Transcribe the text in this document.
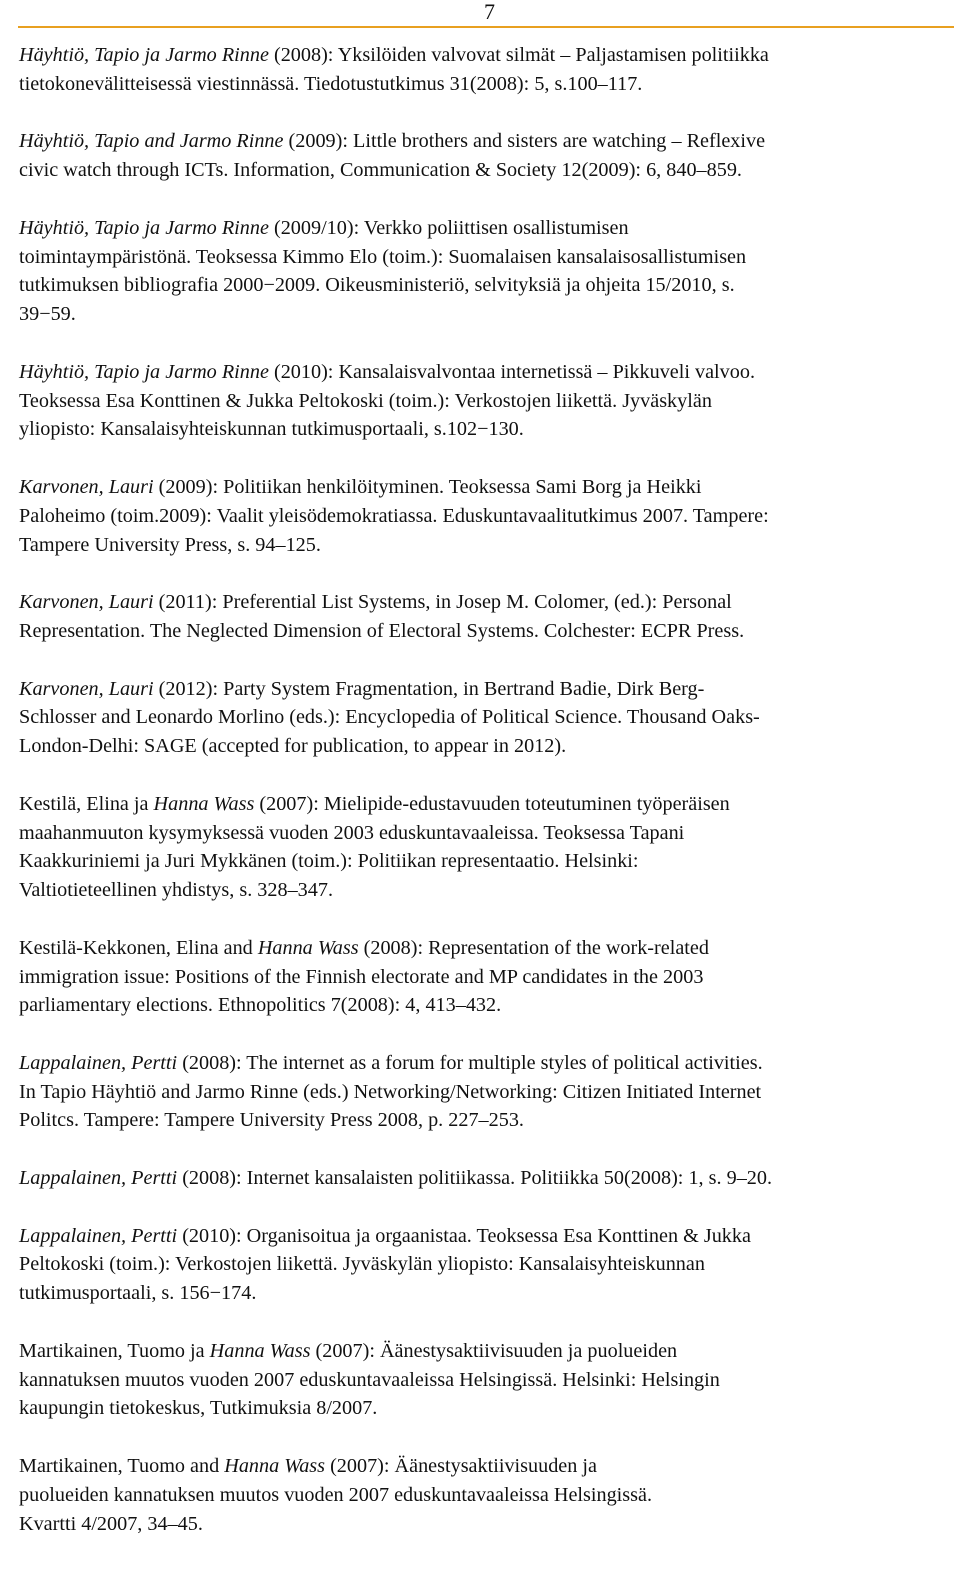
7

Häyhtiö, Tapio ja Jarmo Rinne (2008): Yksilöiden valvovat silmät – Paljastamisen politiikka
tietokonevälitteisessä viestinnässä. Tiedotustutkimus 31(2008): 5, s.100–117.

Häyhtiö, Tapio and Jarmo Rinne (2009): Little brothers and sisters are watching – Reflexive
civic watch through ICTs. Information, Communication & Society 12(2009): 6, 840–859.

Häyhtiö, Tapio ja Jarmo Rinne (2009/10): Verkko poliittisen osallistumisen
toimintaympäristönä. Teoksessa Kimmo Elo (toim.): Suomalaisen kansalaisosallistumisen
tutkimuksen bibliografia 2000−2009. Oikeusministeriö, selvityksiä ja ohjeita 15/2010, s.
39−59.

Häyhtiö, Tapio ja Jarmo Rinne (2010): Kansalaisvalvontaa internetissä – Pikkuveli valvoo.
Teoksessa Esa Konttinen & Jukka Peltokoski (toim.): Verkostojen liikettä. Jyväskylän
yliopisto: Kansalaisyhteiskunnan tutkimusportaali, s.102−130.

Karvonen, Lauri (2009): Politiikan henkilöityminen. Teoksessa Sami Borg ja Heikki
Paloheimo (toim.2009): Vaalit yleisödemokratiassa. Eduskuntavaalitutkimus 2007. Tampere:
Tampere University Press, s. 94–125.

Karvonen, Lauri (2011): Preferential List Systems, in Josep M. Colomer, (ed.): Personal
Representation. The Neglected Dimension of Electoral Systems. Colchester: ECPR Press.

Karvonen, Lauri (2012): Party System Fragmentation, in Bertrand Badie, Dirk Berg-
Schlosser and Leonardo Morlino (eds.): Encyclopedia of Political Science. Thousand Oaks-
London-Delhi: SAGE (accepted for publication, to appear in 2012).

Kestilä, Elina ja Hanna Wass (2007): Mielipide-edustavuuden toteutuminen työperäisen
maahanmuuton kysymyksessä vuoden 2003 eduskuntavaaleissa. Teoksessa Tapani
Kaakkuriniemi ja Juri Mykkänen (toim.): Politiikan representaatio. Helsinki:
Valtiotieteellinen yhdistys, s. 328–347.

Kestilä-Kekkonen, Elina and Hanna Wass (2008): Representation of the work-related
immigration issue: Positions of the Finnish electorate and MP candidates in the 2003
parliamentary elections. Ethnopolitics 7(2008): 4, 413–432.

Lappalainen, Pertti (2008): The internet as a forum for multiple styles of political activities.
In Tapio Häyhtiö and Jarmo Rinne (eds.) Networking/Networking: Citizen Initiated Internet
Politcs. Tampere: Tampere University Press 2008, p. 227–253.

Lappalainen, Pertti (2008): Internet kansalaisten politiikassa. Politiikka 50(2008): 1, s. 9–20.

Lappalainen, Pertti (2010): Organisoitua ja orgaanistaa. Teoksessa Esa Konttinen & Jukka
Peltokoski (toim.): Verkostojen liikettä. Jyväskylän yliopisto: Kansalaisyhteiskunnan
tutkimusportaali, s. 156−174.

Martikainen, Tuomo ja Hanna Wass (2007): Äänestysaktiivisuuden ja puolueiden
kannatuksen muutos vuoden 2007 eduskuntavaaleissa Helsingissä. Helsinki: Helsingin
kaupungin tietokeskus, Tutkimuksia 8/2007.

Martikainen, Tuomo and Hanna Wass (2007): Äänestysaktiivisuuden ja
puolueiden kannatuksen muutos vuoden 2007 eduskuntavaaleissa Helsingissä.
Kvartti 4/2007, 34–45.
